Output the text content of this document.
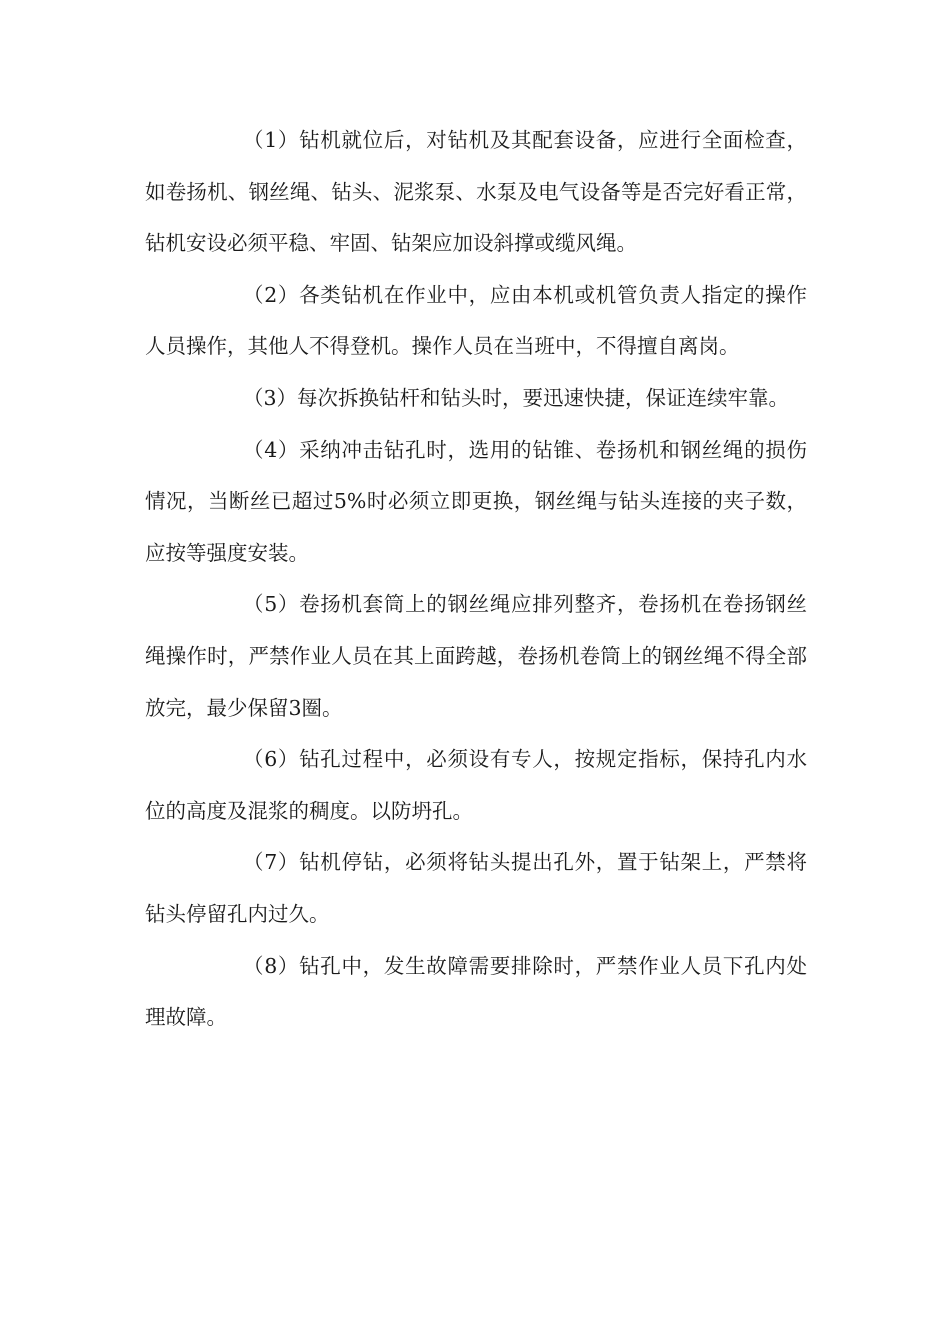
（1）钻机就位后，对钻机及其配套设备，应进行全面检查，如卷扬机、钢丝绳、钻头、泥浆泵、水泵及电气设备等是否完好看正常，钻机安设必须平稳、牢固、钻架应加设斜撑或缆风绳。

（2）各类钻机在作业中，应由本机或机管负责人指定的操作人员操作，其他人不得登机。操作人员在当班中，不得擅自离岗。

（3）每次拆换钻杆和钻头时，要迅速快捷，保证连续牢靠。

（4）采纳冲击钻孔时，选用的钻锥、卷扬机和钢丝绳的损伤情况，当断丝已超过5%时必须立即更换，钢丝绳与钻头连接的夹子数，应按等强度安装。

（5）卷扬机套筒上的钢丝绳应排列整齐，卷扬机在卷扬钢丝绳操作时，严禁作业人员在其上面跨越，卷扬机卷筒上的钢丝绳不得全部放完，最少保留3圈。

（6）钻孔过程中，必须设有专人，按规定指标，保持孔内水位的高度及混浆的稠度。以防坍孔。

（7）钻机停钻，必须将钻头提出孔外，置于钻架上，严禁将钻头停留孔内过久。

（8）钻孔中，发生故障需要排除时，严禁作业人员下孔内处理故障。
